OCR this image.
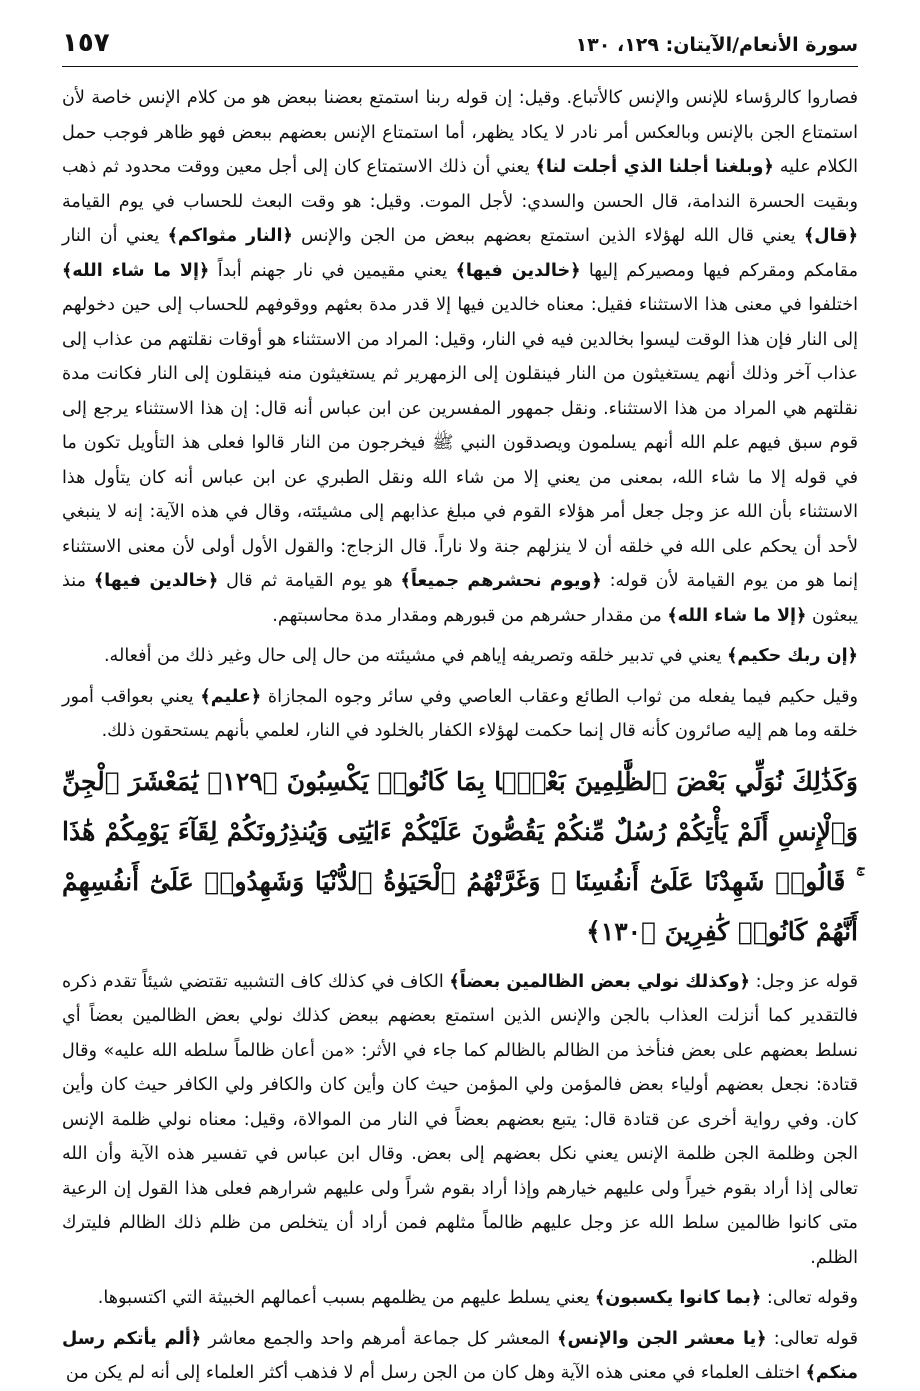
سورة الأنعام/الآيتان: ١٢٩، ١٣٠
١٥٧

فصاروا كالرؤساء للإنس والإنس كالأتباع. وقيل: إن قوله ربنا استمتع بعضنا ببعض هو من كلام الإنس خاصة لأن استمتاع الجن بالإنس وبالعكس أمر نادر لا يكاد يظهر، أما استمتاع الإنس بعضهم ببعض فهو ظاهر فوجب حمل الكلام عليه ﴿وبلغنا أجلنا الذي أجلت لنا﴾ يعني أن ذلك الاستمتاع كان إلى أجل معين ووقت محدود ثم ذهب وبقيت الحسرة الندامة، قال الحسن والسدي: لأجل الموت. وقيل: هو وقت البعث للحساب في يوم القيامة ﴿قال﴾ يعني قال الله لهؤلاء الذين استمتع بعضهم ببعض من الجن والإنس ﴿النار مثواكم﴾ يعني أن النار مقامكم ومقركم فيها ومصيركم إليها ﴿خالدين فيها﴾ يعني مقيمين في نار جهنم أبداً ﴿إلا ما شاء الله﴾ اختلفوا في معنى هذا الاستثناء فقيل: معناه خالدين فيها إلا قدر مدة بعثهم ووقوفهم للحساب إلى حين دخولهم إلى النار فإن هذا الوقت ليسوا بخالدين فيه في النار، وقيل: المراد من الاستثناء هو أوقات نقلتهم من عذاب إلى عذاب آخر وذلك أنهم يستغيثون من النار فينقلون إلى الزمهرير ثم يستغيثون منه فينقلون إلى النار فكانت مدة نقلتهم هي المراد من هذا الاستثناء. ونقل جمهور المفسرين عن ابن عباس أنه قال: إن هذا الاستثناء يرجع إلى قوم سبق فيهم علم الله أنهم يسلمون ويصدقون النبي ﷺ فيخرجون من النار قالوا فعلى هذ التأويل تكون ما في قوله إلا ما شاء الله، بمعنى من يعني إلا من شاء الله ونقل الطبري عن ابن عباس أنه كان يتأول هذا الاستثناء بأن الله عز وجل جعل أمر هؤلاء القوم في مبلغ عذابهم إلى مشيئته، وقال في هذه الآية: إنه لا ينبغي لأحد أن يحكم على الله في خلقه أن لا ينزلهم جنة ولا ناراً. قال الزجاج: والقول الأول أولى لأن معنى الاستثناء إنما هو من يوم القيامة لأن قوله: ﴿ويوم نحشرهم جميعاً﴾ هو يوم القيامة ثم قال ﴿خالدين فيها﴾ منذ يبعثون ﴿إلا ما شاء الله﴾ من مقدار حشرهم من قبورهم ومقدار مدة محاسبتهم.

﴿إن ربك حكيم﴾ يعني في تدبير خلقه وتصريفه إياهم في مشيئته من حال إلى حال وغير ذلك من أفعاله.

وقيل حكيم فيما يفعله من ثواب الطائع وعقاب العاصي وفي سائر وجوه المجازاة ﴿عليم﴾ يعني بعواقب أمور خلقه وما هم إليه صائرون كأنه قال إنما حكمت لهؤلاء الكفار بالخلود في النار، لعلمي بأنهم يستحقون ذلك.

وَكَذَٰلِكَ نُوَلِّي بَعْضَ ٱلظَّٰلِمِينَ بَعْضًۢا بِمَا كَانُوا۟ يَكْسِبُونَ ﴿١٢٩﴾ يَٰمَعْشَرَ ٱلْجِنِّ وَٱلْإِنسِ أَلَمْ يَأْتِكُمْ رُسُلٌ مِّنكُمْ يَقُصُّونَ عَلَيْكُمْ ءَايَٰتِى وَيُنذِرُونَكُمْ لِقَآءَ يَوْمِكُمْ هَٰذَا ۚ قَالُوا۟ شَهِدْنَا عَلَىٰٓ أَنفُسِنَا ۖ وَغَرَّتْهُمُ ٱلْحَيَوٰةُ ٱلدُّنْيَا وَشَهِدُوا۟ عَلَىٰٓ أَنفُسِهِمْ أَنَّهُمْ كَانُوا۟ كَٰفِرِينَ ﴿١٣٠﴾

قوله عز وجل: ﴿وكذلك نولي بعض الظالمين بعضاً﴾ الكاف في كذلك كاف التشبيه تقتضي شيئاً تقدم ذكره فالتقدير كما أنزلت العذاب بالجن والإنس الذين استمتع بعضهم ببعض كذلك نولي بعض الظالمين بعضاً أي نسلط بعضهم على بعض فنأخذ من الظالم بالظالم كما جاء في الأثر: «من أعان ظالماً سلطه الله عليه» وقال قتادة: نجعل بعضهم أولياء بعض فالمؤمن ولي المؤمن حيث كان وأين كان والكافر ولي الكافر حيث كان وأين كان. وفي رواية أخرى عن قتادة قال: يتبع بعضهم بعضاً في النار من الموالاة، وقيل: معناه نولي ظلمة الإنس الجن وظلمة الجن ظلمة الإنس يعني نكل بعضهم إلى بعض. وقال ابن عباس في تفسير هذه الآية وأن الله تعالى إذا أراد بقوم خيراً ولى عليهم خيارهم وإذا أراد بقوم شراً ولى عليهم شرارهم فعلى هذا القول إن الرعية متى كانوا ظالمين سلط الله عز وجل عليهم ظالماً مثلهم فمن أراد أن يتخلص من ظلم ذلك الظالم فليترك الظلم.

وقوله تعالى: ﴿بما كانوا يكسبون﴾ يعني يسلط عليهم من يظلمهم بسبب أعمالهم الخبيثة التي اكتسبوها.

قوله تعالى: ﴿يا معشر الجن والإنس﴾ المعشر كل جماعة أمرهم واحد والجمع معاشر ﴿ألم يأتكم رسل منكم﴾ اختلف العلماء في معنى هذه الآية وهل كان من الجن رسل أم لا فذهب أكثر العلماء إلى أنه لم يكن من
